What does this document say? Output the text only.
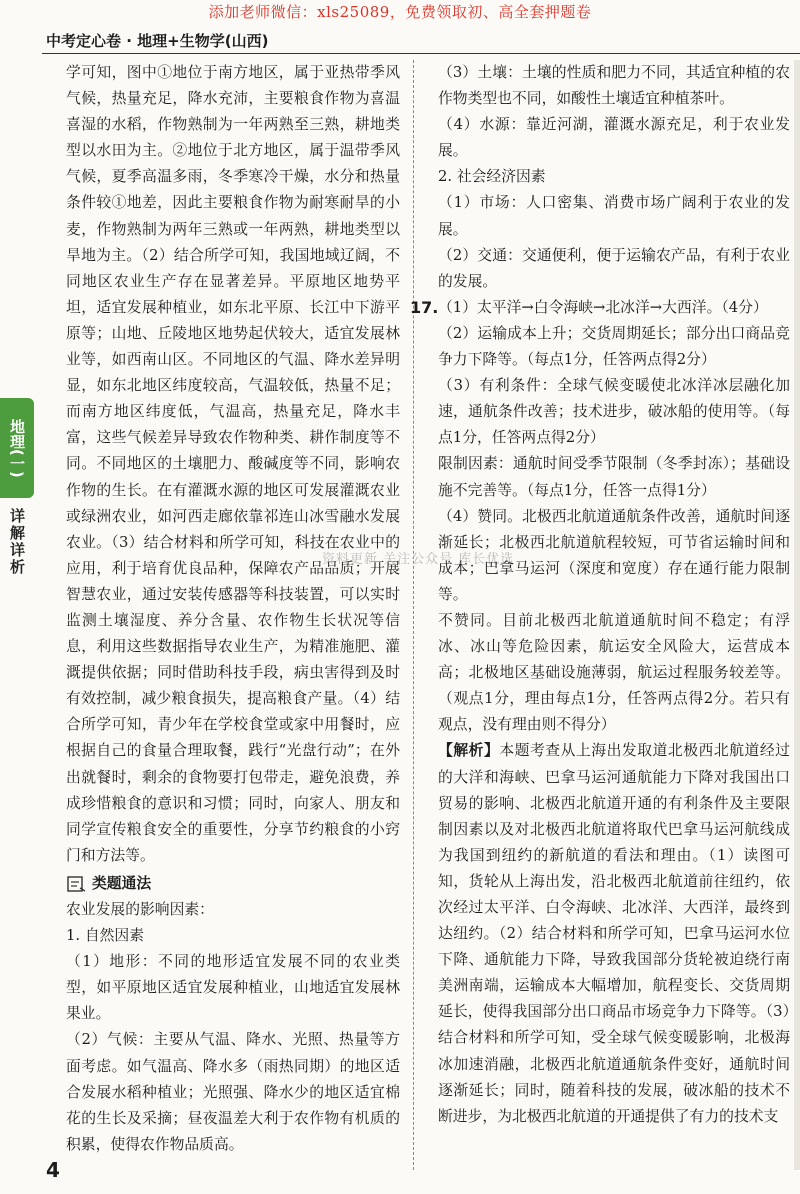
添加老师微信：xls25089，免费领取初、高全套押题卷
中考定心卷 · 地理+生物学(山西)
地理(一)
详解详析

学可知，图中①地位于南方地区，属于亚热带季风气候，热量充足，降水充沛，主要粮食作物为喜温喜湿的水稻，作物熟制为一年两熟至三熟，耕地类型以水田为主。②地位于北方地区，属于温带季风气候，夏季高温多雨，冬季寒冷干燥，水分和热量条件较①地差，因此主要粮食作物为耐寒耐旱的小麦，作物熟制为两年三熟或一年两熟，耕地类型以旱地为主。（2）结合所学可知，我国地域辽阔，不同地区农业生产存在显著差异。平原地区地势平坦，适宜发展种植业，如东北平原、长江中下游平原等；山地、丘陵地区地势起伏较大，适宜发展林业等，如西南山区。不同地区的气温、降水差异明显，如东北地区纬度较高，气温较低，热量不足；而南方地区纬度低，气温高，热量充足，降水丰富，这些气候差异导致农作物种类、耕作制度等不同。不同地区的土壤肥力、酸碱度等不同，影响农作物的生长。在有灌溉水源的地区可发展灌溉农业或绿洲农业，如河西走廊依靠祁连山冰雪融水发展农业。（3）结合材料和所学可知，科技在农业中的应用，利于培育优良品种，保障农产品品质；开展智慧农业，通过安装传感器等科技装置，可以实时监测土壤湿度、养分含量、农作物生长状况等信息，利用这些数据指导农业生产，为精准施肥、灌溉提供依据；同时借助科技手段，病虫害得到及时有效控制，减少粮食损失，提高粮食产量。（4）结合所学可知，青少年在学校食堂或家中用餐时，应根据自己的食量合理取餐，践行“光盘行动”；在外出就餐时，剩余的食物要打包带走，避免浪费，养成珍惜粮食的意识和习惯；同时，向家人、朋友和同学宣传粮食安全的重要性，分享节约粮食的小窍门和方法等。

类题通法

农业发展的影响因素：

1. 自然因素

（1）地形：不同的地形适宜发展不同的农业类型，如平原地区适宜发展种植业，山地适宜发展林果业。

（2）气候：主要从气温、降水、光照、热量等方面考虑。如气温高、降水多（雨热同期）的地区适合发展水稻种植业；光照强、降水少的地区适宜棉花的生长及采摘；昼夜温差大利于农作物有机质的积累，使得农作物品质高。

资料更新 关注公众号 库长优选

（3）土壤：土壤的性质和肥力不同，其适宜种植的农作物类型也不同，如酸性土壤适宜种植茶叶。

（4）水源：靠近河湖，灌溉水源充足，利于农业发展。

2. 社会经济因素

（1）市场：人口密集、消费市场广阔利于农业的发展。

（2）交通：交通便利，便于运输农产品，有利于农业的发展。

17. （1）太平洋→白令海峡→北冰洋→大西洋。（4分）

（2）运输成本上升；交货周期延长；部分出口商品竞争力下降等。（每点1分，任答两点得2分）

（3）有利条件：全球气候变暖使北冰洋冰层融化加速，通航条件改善；技术进步，破冰船的使用等。（每点1分，任答两点得2分）

限制因素：通航时间受季节限制（冬季封冻）；基础设施不完善等。（每点1分，任答一点得1分）

（4）赞同。北极西北航道通航条件改善，通航时间逐渐延长；北极西北航道航程较短，可节省运输时间和成本；巴拿马运河（深度和宽度）存在通行能力限制等。

不赞同。目前北极西北航道通航时间不稳定；有浮冰、冰山等危险因素，航运安全风险大，运营成本高；北极地区基础设施薄弱，航运过程服务较差等。（观点1分，理由每点1分，任答两点得2分。若只有观点，没有理由则不得分）

【解析】本题考查从上海出发取道北极西北航道经过的大洋和海峡、巴拿马运河通航能力下降对我国出口贸易的影响、北极西北航道开通的有利条件及主要限制因素以及对北极西北航道将取代巴拿马运河航线成为我国到纽约的新航道的看法和理由。（1）读图可知，货轮从上海出发，沿北极西北航道前往纽约，依次经过太平洋、白令海峡、北冰洋、大西洋，最终到达纽约。（2）结合材料和所学可知，巴拿马运河水位下降、通航能力下降，导致我国部分货轮被迫绕行南美洲南端，运输成本大幅增加，航程变长、交货周期延长，使得我国部分出口商品市场竞争力下降等。（3）结合材料和所学可知，受全球气候变暖影响，北极海冰加速消融，北极西北航道通航条件变好，通航时间逐渐延长；同时，随着科技的发展，破冰船的技术不断进步，为北极西北航道的开通提供了有力的技术支

4
